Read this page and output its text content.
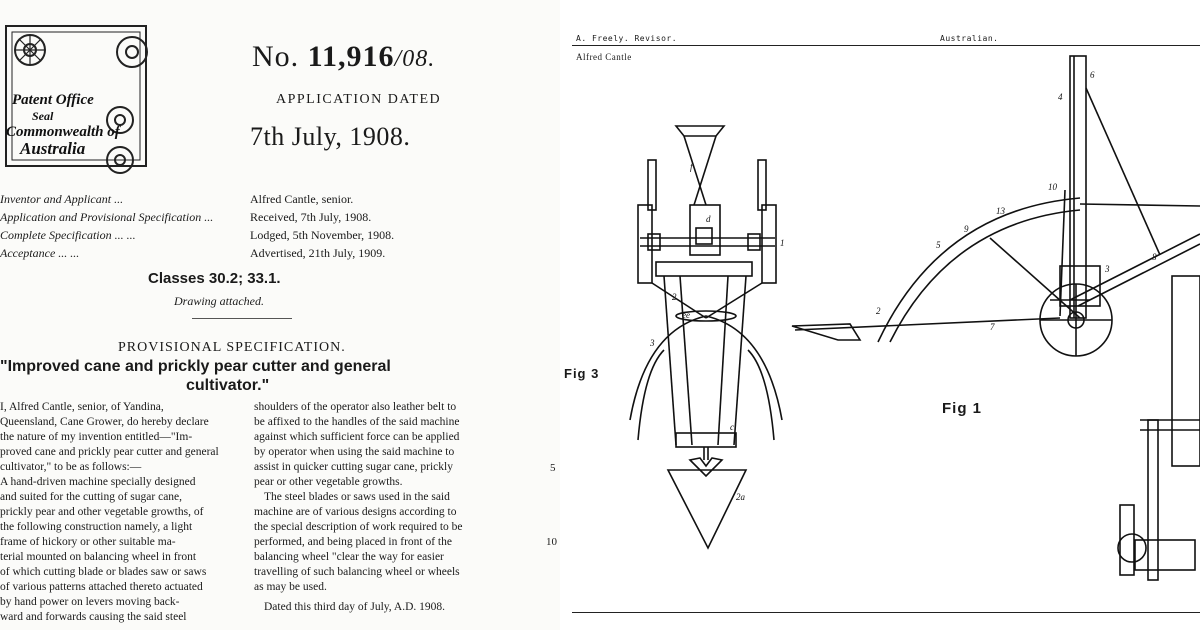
Patent Office
Seal
Commonwealth of
Australia
No. 11,916/08.
APPLICATION DATED
7th July, 1908.
Inventor and Applicant ...	Alfred Cantle, senior.
Application and Provisional Specification ...	Received, 7th July, 1908.
Complete Specification ... ...	Lodged, 5th November, 1908.
Acceptance ... ...	Advertised, 21th July, 1909.
Classes 30.2; 33.1.
Drawing attached.
PROVISIONAL SPECIFICATION.
"Improved cane and prickly pear cutter and general
cultivator."
I, Alfred Cantle, senior, of Yandina,
Queensland, Cane Grower, do hereby declare
the nature of my invention entitled—"Im-
proved cane and prickly pear cutter and general
cultivator," to be as follows:—
A hand-driven machine specially designed
and suited for the cutting of sugar cane,
prickly pear and other vegetable growths, of
the following construction namely, a light
frame of hickory or other suitable ma-
terial mounted on balancing wheel in front
of which cutting blade or blades saw or saws
of various patterns attached thereto actuated
by hand power on levers moving back-
ward and forwards causing the said steel
shoulders of the operator also leather belt to
be affixed to the handles of the said machine
against which sufficient force can be applied
by operator when using the said machine to
assist in quicker cutting sugar cane, prickly
pear or other vegetable growths.
The steel blades or saws used in the said
machine are of various designs according to
the special description of work required to be
performed, and being placed in front of the
balancing wheel "clear the way for easier
travelling of such balancing wheel or wheels
as may be used.
Dated this third day of July, A.D. 1908.
5
10
A. Freely. Revisor.	Australian.
Alfred Cantle
f
d
1
2
3
c
ee
2a
6
4
10
13
9
5
3
2
8
7
Fig 3
Fig 1
